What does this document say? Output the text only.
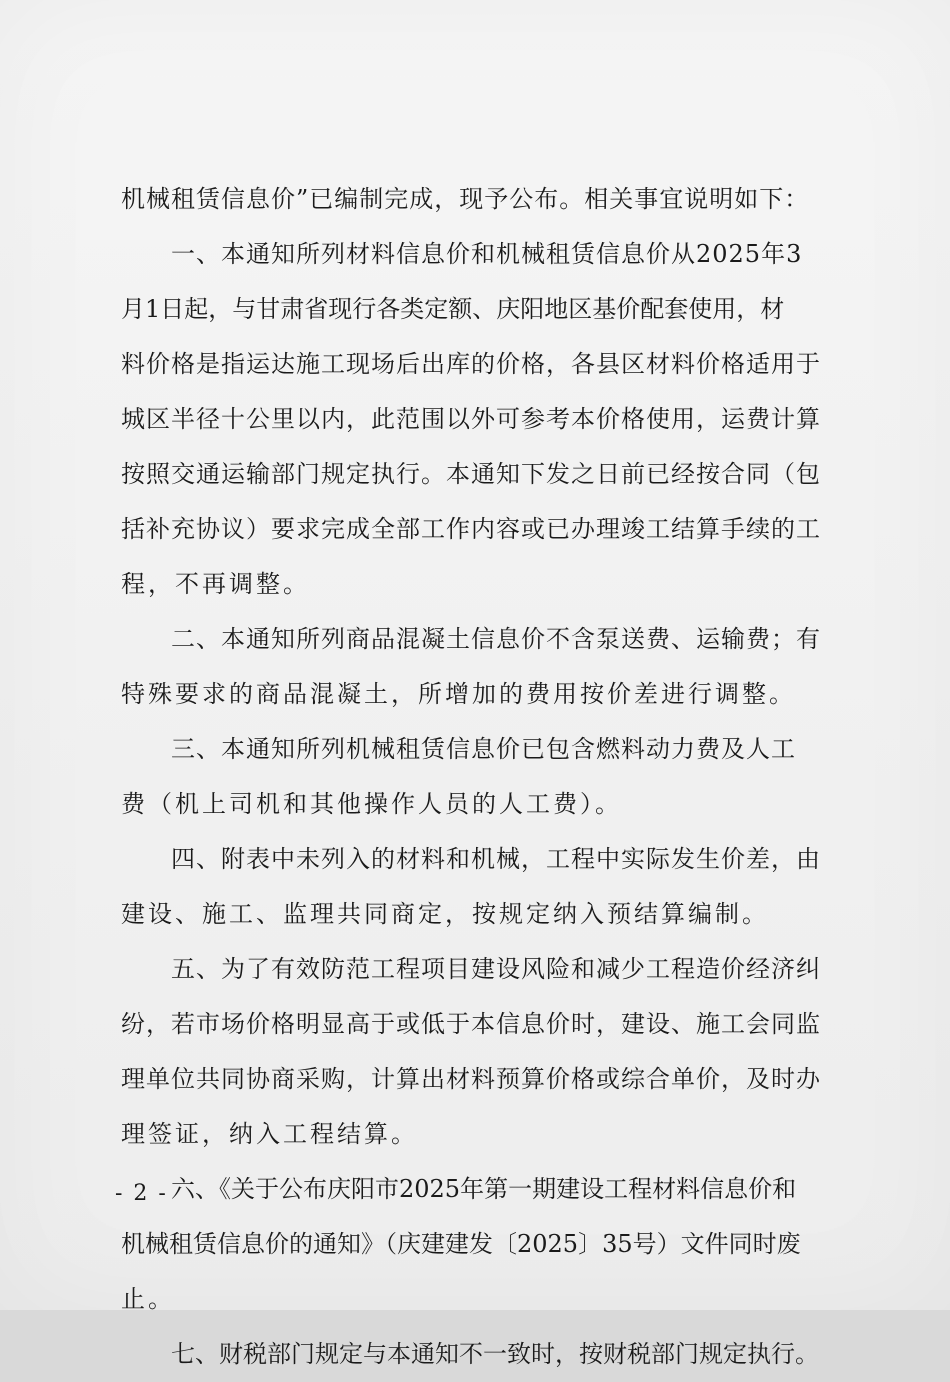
机械租赁信息价”已编制完成，现予公布。相关事宜说明如下：
一、本通知所列材料信息价和机械租赁信息价从2025年3
月1日起，与甘肃省现行各类定额、庆阳地区基价配套使用，材
料价格是指运达施工现场后出库的价格，各县区材料价格适用于
城区半径十公里以内，此范围以外可参考本价格使用，运费计算
按照交通运输部门规定执行。本通知下发之日前已经按合同（包
括补充协议）要求完成全部工作内容或已办理竣工结算手续的工
程，不再调整。
二、本通知所列商品混凝土信息价不含泵送费、运输费；有
特殊要求的商品混凝土，所增加的费用按价差进行调整。
三、本通知所列机械租赁信息价已包含燃料动力费及人工
费（机上司机和其他操作人员的人工费）。
四、附表中未列入的材料和机械，工程中实际发生价差，由
建设、施工、监理共同商定，按规定纳入预结算编制。
五、为了有效防范工程项目建设风险和减少工程造价经济纠
纷，若市场价格明显高于或低于本信息价时，建设、施工会同监
理单位共同协商采购，计算出材料预算价格或综合单价，及时办
理签证，纳入工程结算。
六、《关于公布庆阳市2025年第一期建设工程材料信息价和
机械租赁信息价的通知》（庆建建发〔2025〕35号）文件同时废
止。
七、财税部门规定与本通知不一致时，按财税部门规定执行。
- 2 -
